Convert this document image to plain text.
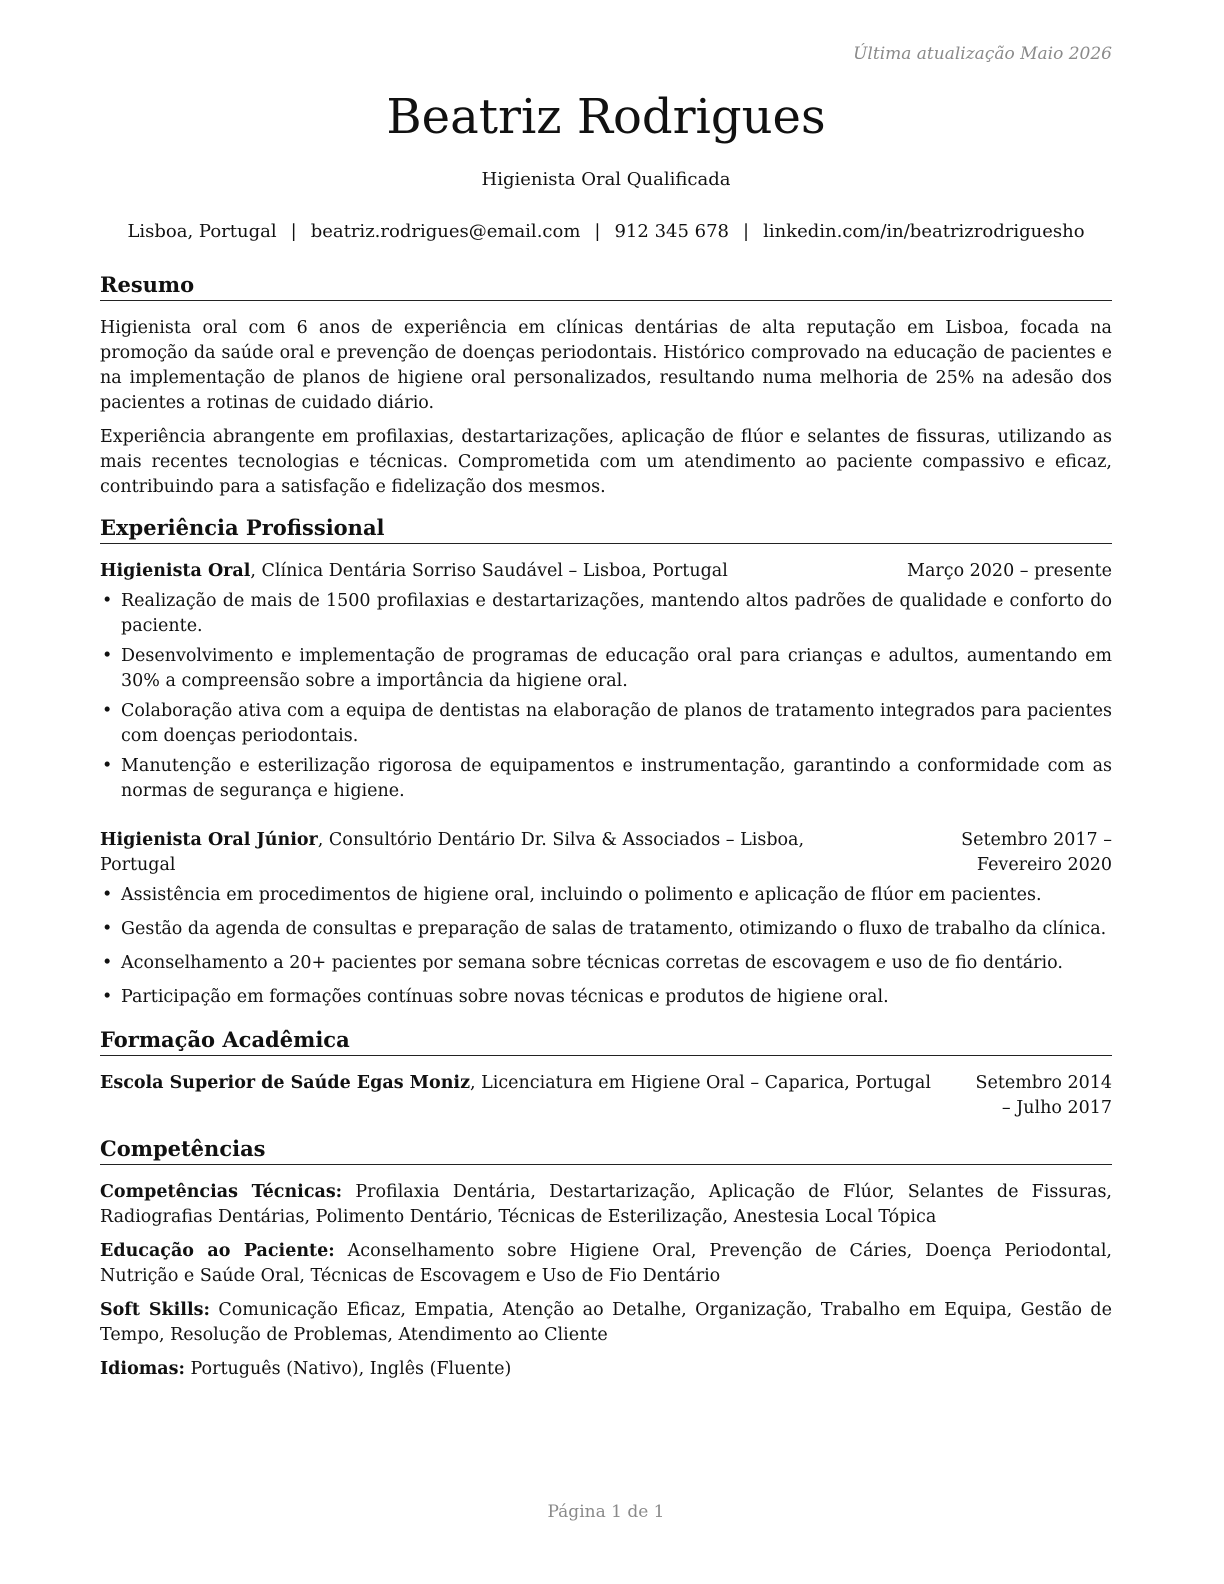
Última atualização Maio 2026
Beatriz Rodrigues
Higienista Oral Qualificada
Lisboa, Portugal | beatriz.rodrigues@email.com | 912 345 678 | linkedin.com/in/beatrizrodriguesho
Resumo

Higienista oral com 6 anos de experiência em clínicas dentárias de alta reputação em Lisboa, focada na promoção da saúde oral e prevenção de doenças periodontais. Histórico comprovado na educação de pacientes e na implementação de planos de higiene oral personalizados, resultando numa melhoria de 25% na adesão dos pacientes a rotinas de cuidado diário.

Experiência abrangente em profilaxias, destartarizações, aplicação de flúor e selantes de fissuras, utilizando as mais recentes tecnologias e técnicas. Comprometida com um atendimento ao paciente compassivo e eficaz, contribuindo para a satisfação e fidelização dos mesmos.

Experiência Profissional
Higienista Oral, Clínica Dentária Sorriso Saudável – Lisboa, Portugal	Março 2020 – presente
• Realização de mais de 1500 profilaxias e destartarizações, mantendo altos padrões de qualidade e conforto do paciente.
• Desenvolvimento e implementação de programas de educação oral para crianças e adultos, aumentando em 30% a compreensão sobre a importância da higiene oral.
• Colaboração ativa com a equipa de dentistas na elaboração de planos de tratamento integrados para pacientes com doenças periodontais.
• Manutenção e esterilização rigorosa de equipamentos e instrumentação, garantindo a conformidade com as normas de segurança e higiene.
Higienista Oral Júnior, Consultório Dentário Dr. Silva & Associados – Lisboa, Portugal
Setembro 2017 – Fevereiro 2020
• Assistência em procedimentos de higiene oral, incluindo o polimento e aplicação de flúor em pacientes.
• Gestão da agenda de consultas e preparação de salas de tratamento, otimizando o fluxo de trabalho da clínica.
• Aconselhamento a 20+ pacientes por semana sobre técnicas corretas de escovagem e uso de fio dentário.
• Participação em formações contínuas sobre novas técnicas e produtos de higiene oral.
Formação Acadêmica
Escola Superior de Saúde Egas Moniz, Licenciatura em Higiene Oral – Caparica, Portugal	Setembro 2014 – Julho 2017
Competências

Competências Técnicas: Profilaxia Dentária, Destartarização, Aplicação de Flúor, Selantes de Fissuras, Radiografias Dentárias, Polimento Dentário, Técnicas de Esterilização, Anestesia Local Tópica

Educação ao Paciente: Aconselhamento sobre Higiene Oral, Prevenção de Cáries, Doença Periodontal, Nutrição e Saúde Oral, Técnicas de Escovagem e Uso de Fio Dentário

Soft Skills: Comunicação Eficaz, Empatia, Atenção ao Detalhe, Organização, Trabalho em Equipa, Gestão de Tempo, Resolução de Problemas, Atendimento ao Cliente

Idiomas: Português (Nativo), Inglês (Fluente)

Página 1 de 1
